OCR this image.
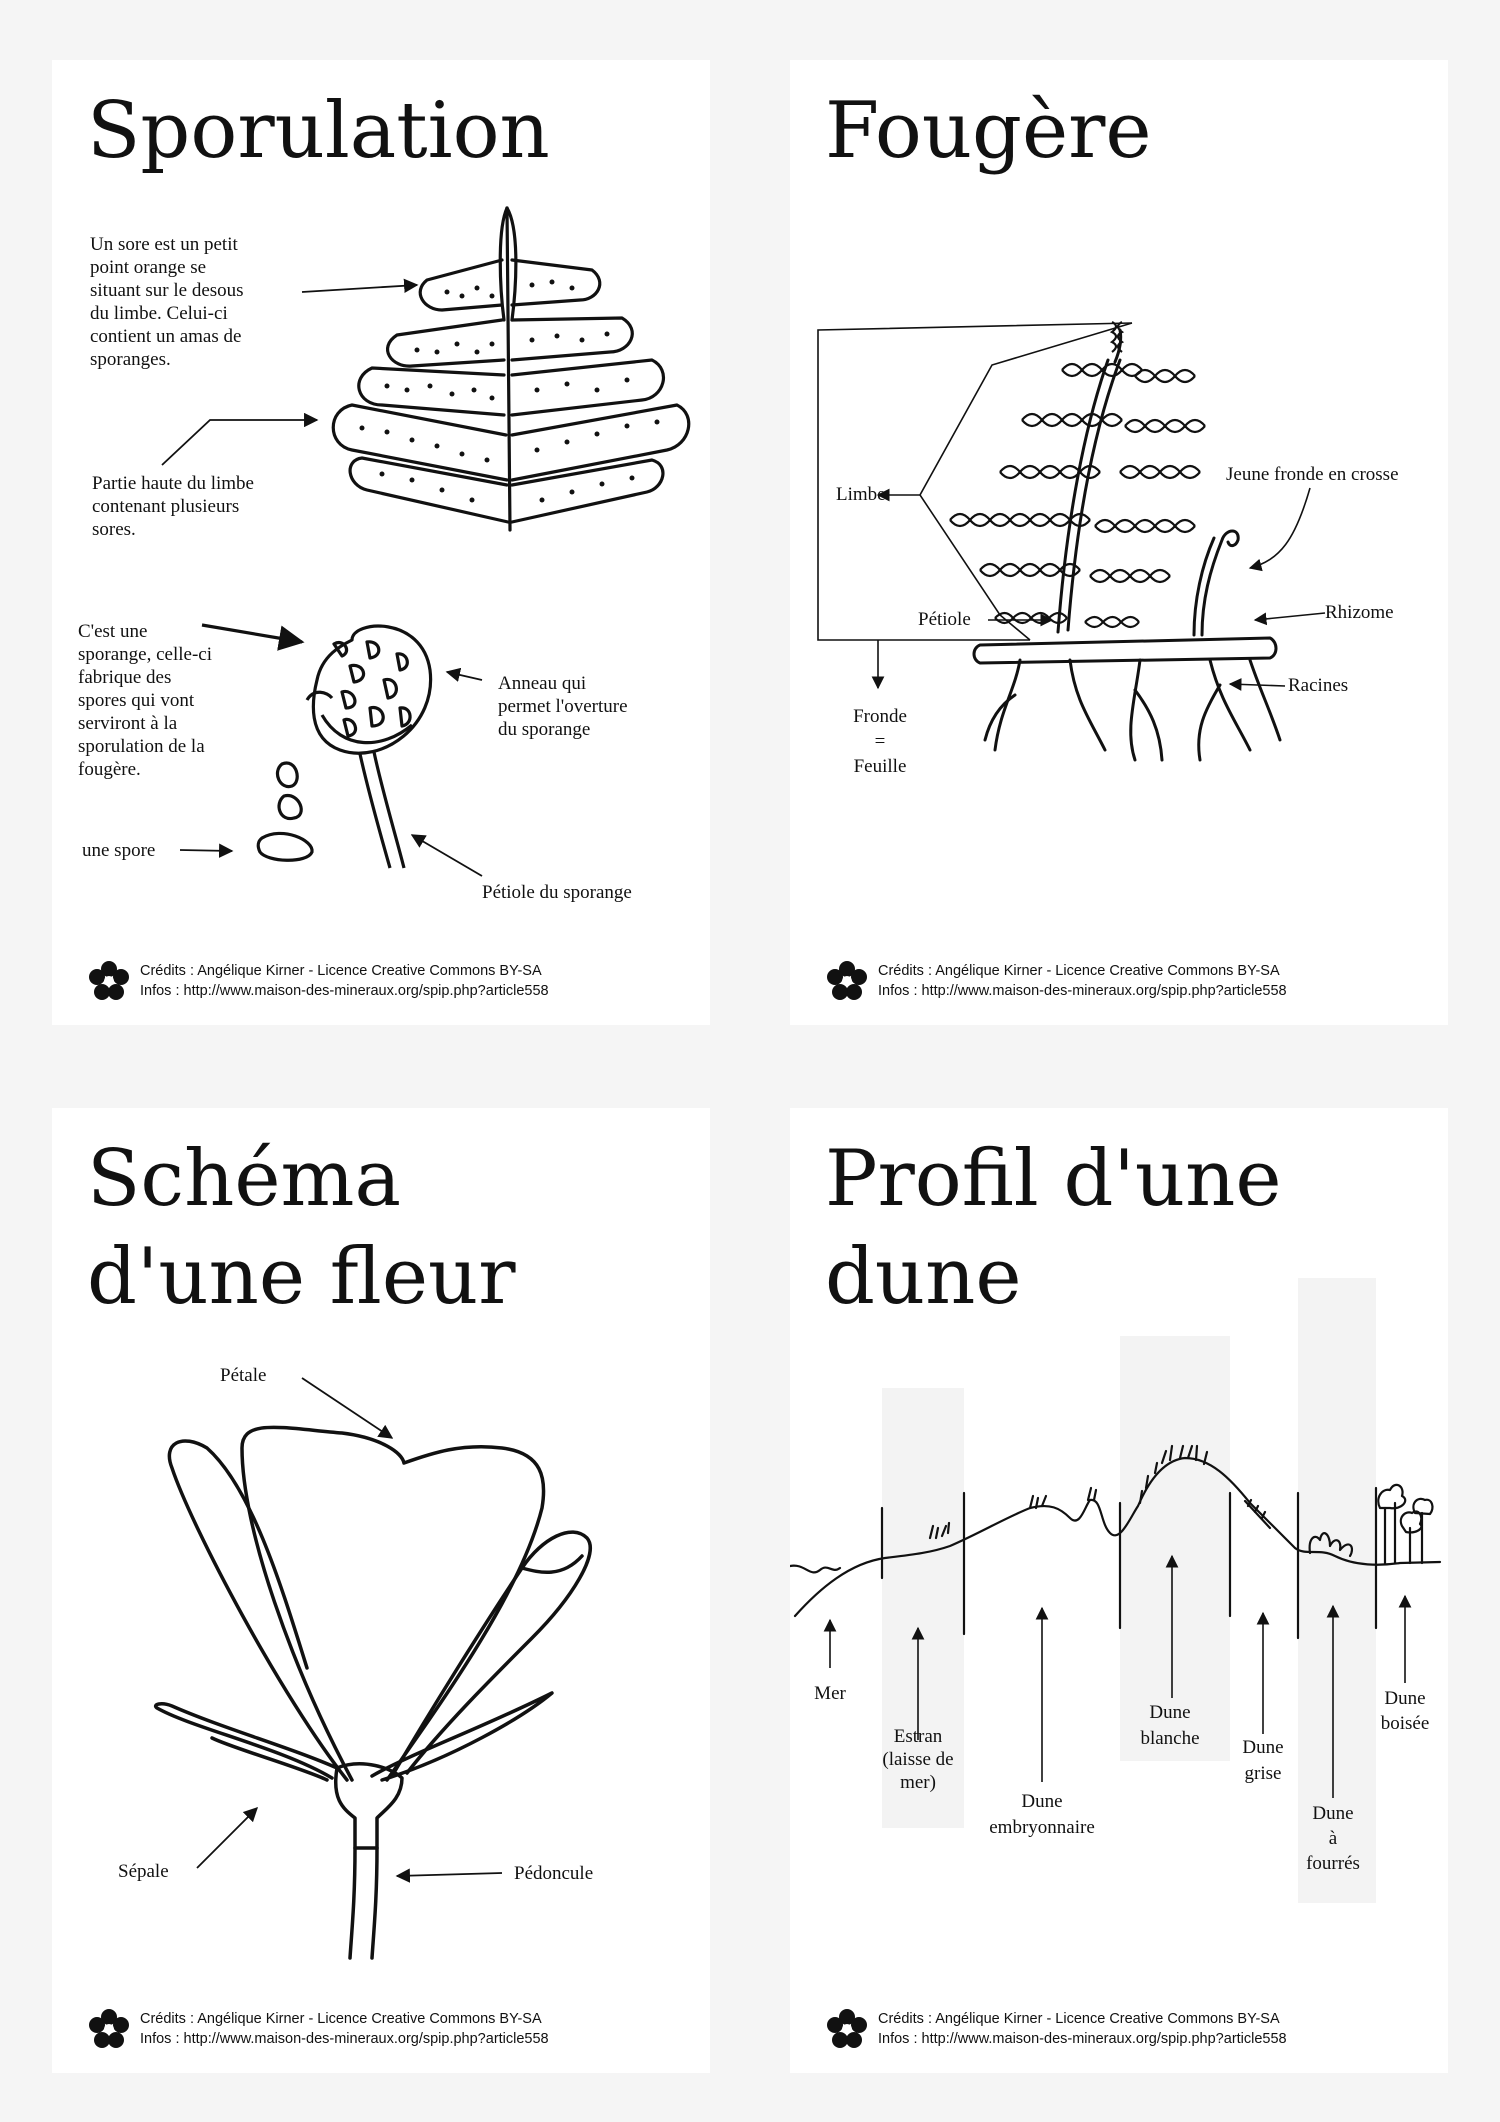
Sporulation
Un sore est un petit
point orange se
situant sur le desous
du limbe. Celui-ci
contient un amas de
sporanges.
Partie haute du limbe
contenant plusieurs
sores.
C'est une
sporange, celle-ci
fabrique des
spores qui vont
serviront à la
sporulation de la
fougère.
Anneau qui
permet l'overture
du sporange
une spore
Pétiole du sporange
Crédits : Angélique Kirner - Licence Creative Commons BY-SA
Infos : http://www.maison-des-mineraux.org/spip.php?article558
Fougère
Limbe
Jeune fronde en crosse
Pétiole	Rhizome
Racines
Fronde
=
Feuille
Crédits : Angélique Kirner - Licence Creative Commons BY-SA
Infos : http://www.maison-des-mineraux.org/spip.php?article558
Schéma
d'une fleur
Pétale
Sépale	Pédoncule
Crédits : Angélique Kirner - Licence Creative Commons BY-SA
Infos : http://www.maison-des-mineraux.org/spip.php?article558
Profil d'une
dune
Mer
Estran
(laisse de
mer)
Dune
embryonnaire
Dune
blanche	Dune
grise
Dune
à
fourrés
Dune
boisée
Crédits : Angélique Kirner - Licence Creative Commons BY-SA
Infos : http://www.maison-des-mineraux.org/spip.php?article558
